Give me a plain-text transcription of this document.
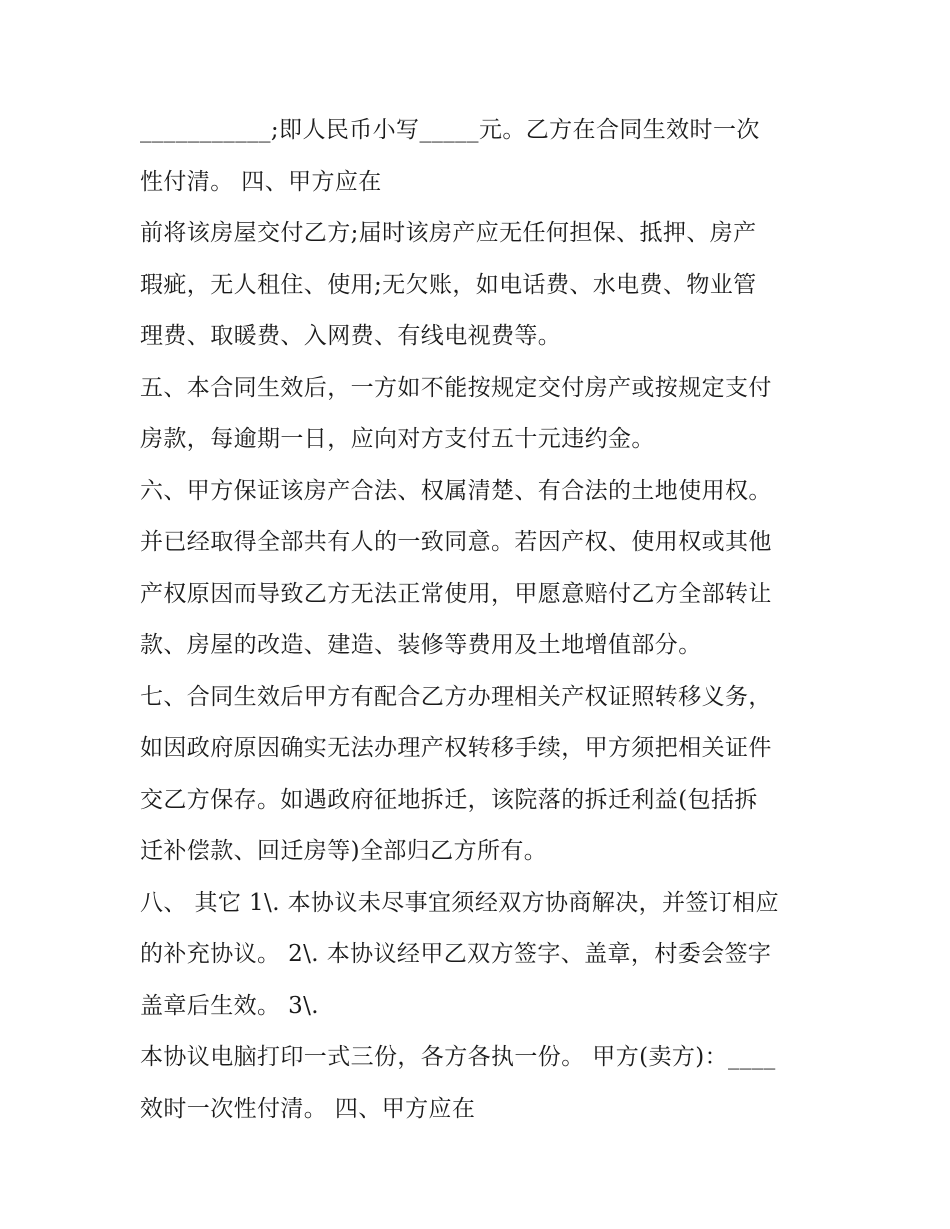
___________;即人民币小写_____元。乙方在合同生效时一次
性付清。 四、甲方应在
前将该房屋交付乙方;届时该房产应无任何担保、抵押、房产
瑕疵，无人租住、使用;无欠账，如电话费、水电费、物业管
理费、取暖费、入网费、有线电视费等。
五、本合同生效后，一方如不能按规定交付房产或按规定支付
房款，每逾期一日，应向对方支付五十元违约金。
六、甲方保证该房产合法、权属清楚、有合法的土地使用权。
并已经取得全部共有人的一致同意。若因产权、使用权或其他
产权原因而导致乙方无法正常使用，甲愿意赔付乙方全部转让
款、房屋的改造、建造、装修等费用及土地增值部分。
七、合同生效后甲方有配合乙方办理相关产权证照转移义务，
如因政府原因确实无法办理产权转移手续，甲方须把相关证件
交乙方保存。如遇政府征地拆迁，该院落的拆迁利益(包括拆
迁补偿款、回迁房等)全部归乙方所有。
八、 其它 1\. 本协议未尽事宜须经双方协商解决，并签订相应
的补充协议。 2\. 本协议经甲乙双方签字、盖章，村委会签字
盖章后生效。 3\.
本协议电脑打印一式三份，各方各执一份。 甲方(卖方)：____
效时一次性付清。 四、甲方应在
